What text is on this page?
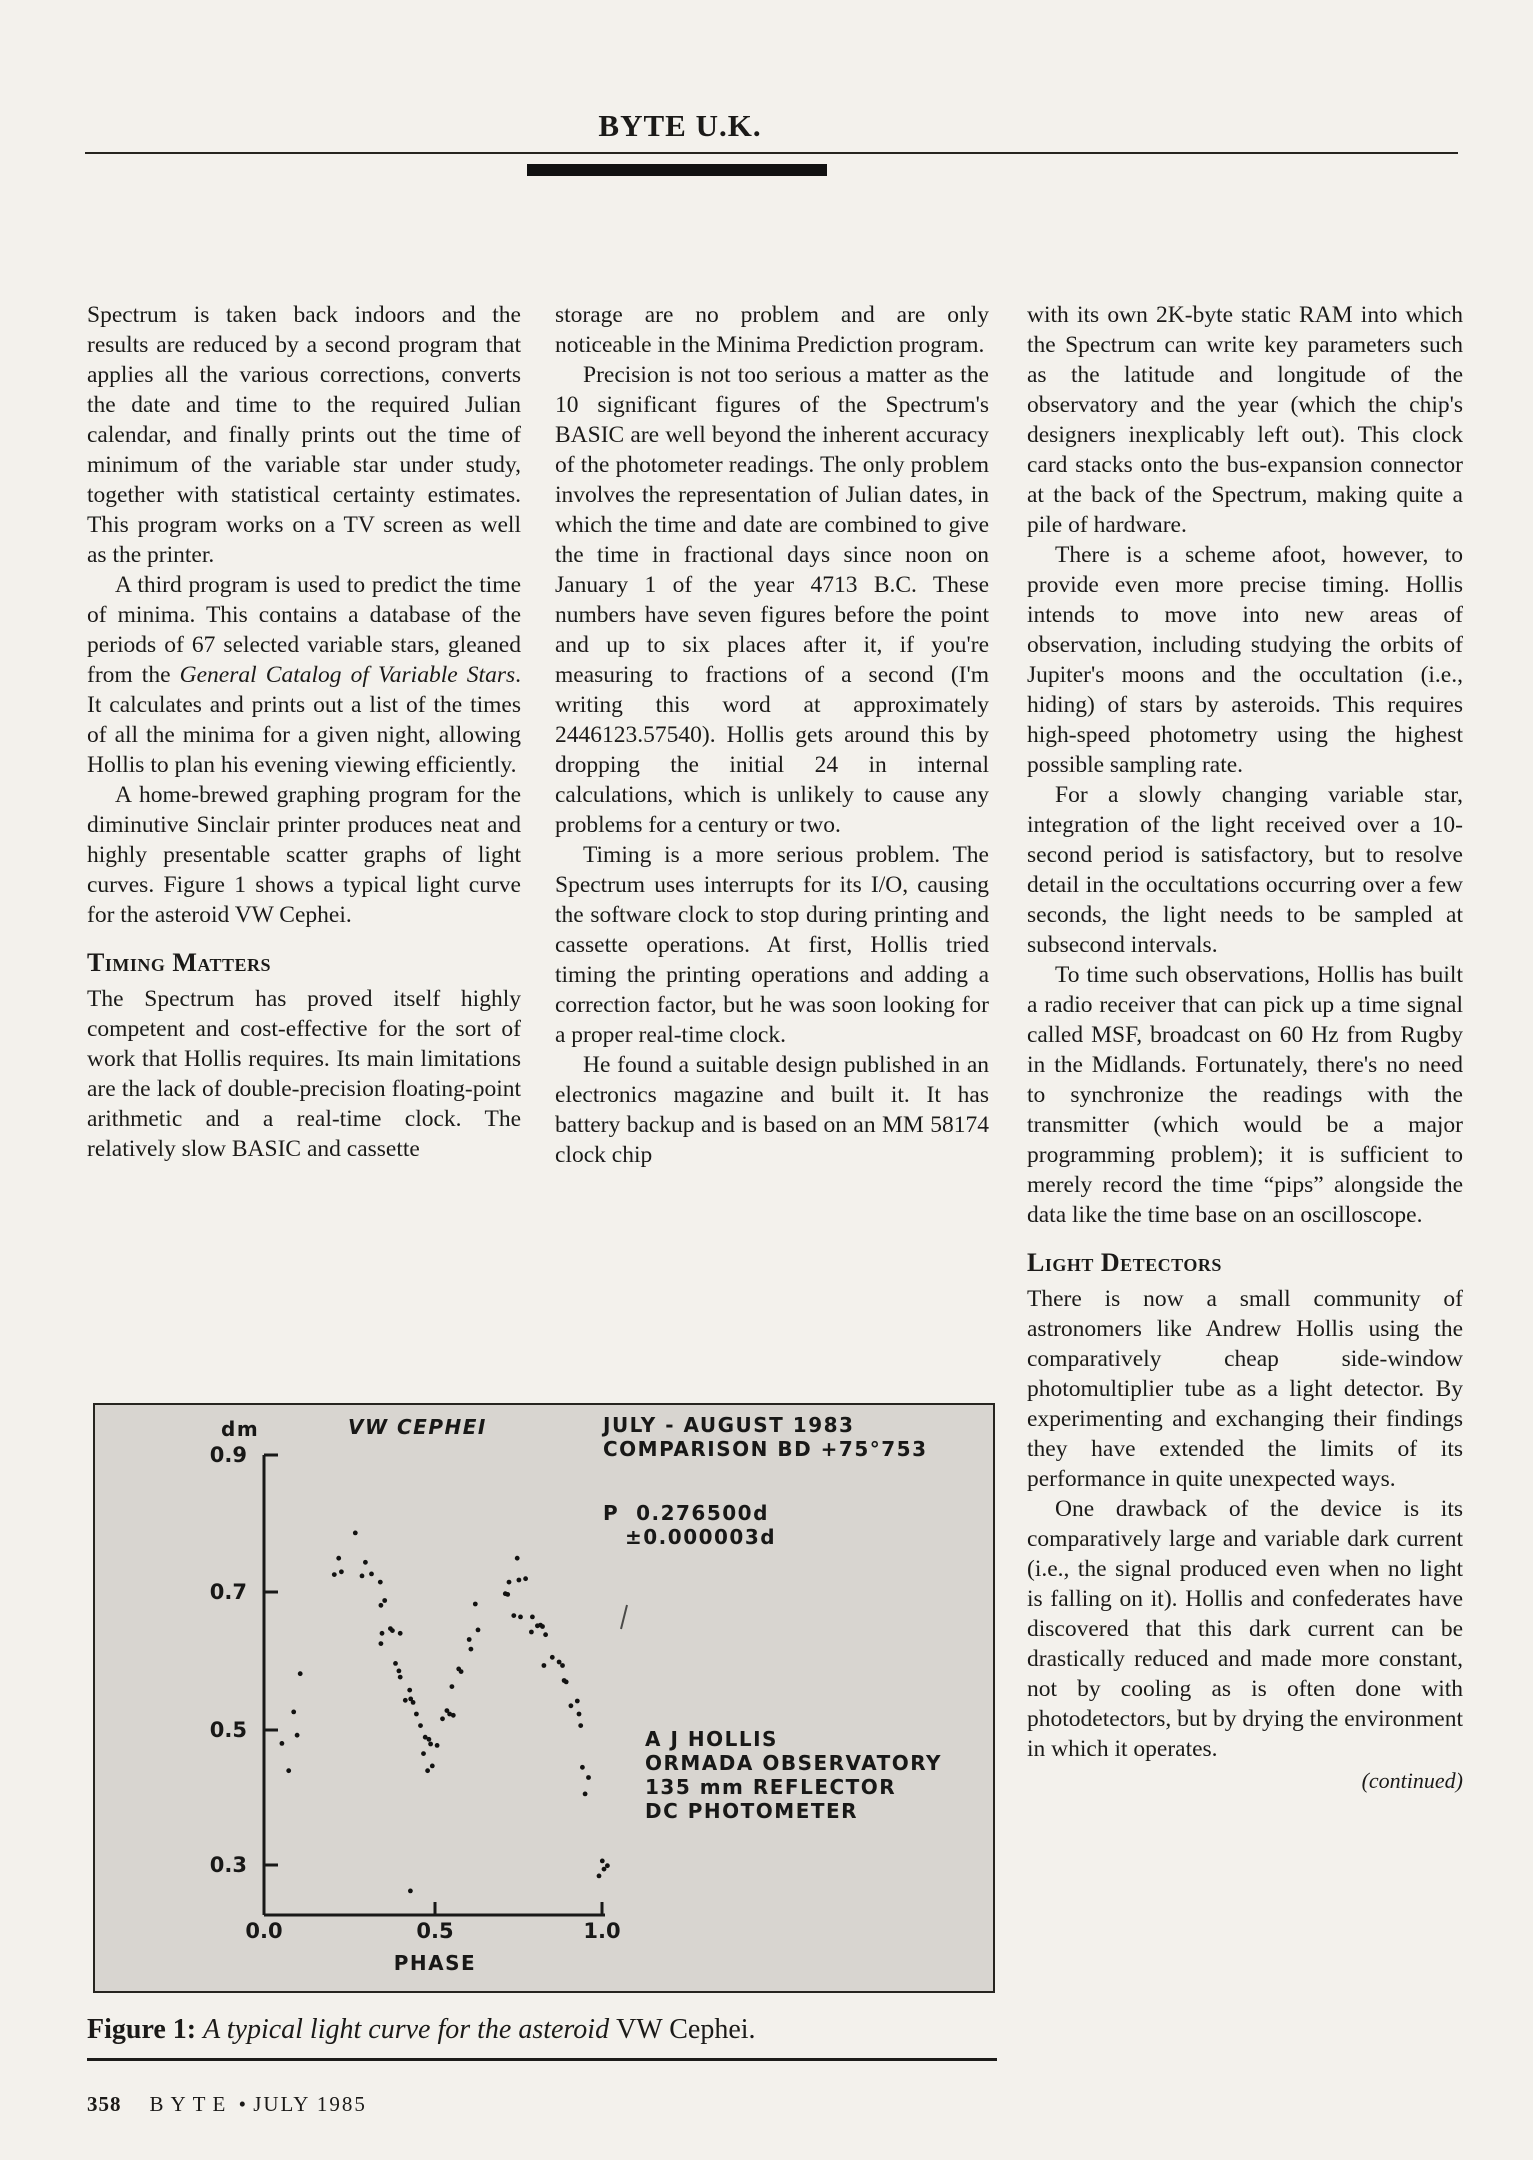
BYTE U.K.

Spectrum is taken back indoors and the results are reduced by a second program that applies all the various corrections, converts the date and time to the required Julian calendar, and finally prints out the time of minimum of the variable star under study, together with statistical certainty estimates. This program works on a TV screen as well as the printer.

A third program is used to predict the time of minima. This contains a database of the periods of 67 selected variable stars, gleaned from the General Catalog of Variable Stars. It calculates and prints out a list of the times of all the minima for a given night, allowing Hollis to plan his evening viewing efficiently.

A home-brewed graphing program for the diminutive Sinclair printer produces neat and highly presentable scatter graphs of light curves. Figure 1 shows a typical light curve for the asteroid VW Cephei.

Timing Matters

The Spectrum has proved itself highly competent and cost-effective for the sort of work that Hollis requires. Its main limitations are the lack of double-precision floating-point arithmetic and a real-time clock. The relatively slow BASIC and cassette

storage are no problem and are only noticeable in the Minima Prediction program.

Precision is not too serious a matter as the 10 significant figures of the Spectrum's BASIC are well beyond the inherent accuracy of the photometer readings. The only problem involves the representation of Julian dates, in which the time and date are combined to give the time in fractional days since noon on January 1 of the year 4713 B.C. These numbers have seven figures before the point and up to six places after it, if you're measuring to fractions of a second (I'm writing this word at approximately 2446123.57540). Hollis gets around this by dropping the initial 24 in internal calculations, which is unlikely to cause any problems for a century or two.

Timing is a more serious problem. The Spectrum uses interrupts for its I/O, causing the software clock to stop during printing and cassette operations. At first, Hollis tried timing the printing operations and adding a correction factor, but he was soon looking for a proper real-time clock.

He found a suitable design published in an electronics magazine and built it. It has battery backup and is based on an MM 58174 clock chip

with its own 2K-byte static RAM into which the Spectrum can write key parameters such as the latitude and longitude of the observatory and the year (which the chip's designers inexplicably left out). This clock card stacks onto the bus-expansion connector at the back of the Spectrum, making quite a pile of hardware.

There is a scheme afoot, however, to provide even more precise timing. Hollis intends to move into new areas of observation, including studying the orbits of Jupiter's moons and the occultation (i.e., hiding) of stars by asteroids. This requires high-speed photometry using the highest possible sampling rate.

For a slowly changing variable star, integration of the light received over a 10-second period is satisfactory, but to resolve detail in the occultations occurring over a few seconds, the light needs to be sampled at subsecond intervals.

To time such observations, Hollis has built a radio receiver that can pick up a time signal called MSF, broadcast on 60 Hz from Rugby in the Midlands. Fortunately, there's no need to synchronize the readings with the transmitter (which would be a major programming problem); it is sufficient to merely record the time “pips” alongside the data like the time base on an oscilloscope.

Light Detectors

There is now a small community of astronomers like Andrew Hollis using the comparatively cheap side-window photomultiplier tube as a light detector. By experimenting and exchanging their findings they have extended the limits of its performance in quite unexpected ways.

One drawback of the device is its comparatively large and variable dark current (i.e., the signal produced even when no light is falling on it). Hollis and confederates have discovered that this dark current can be drastically reduced and made more constant, not by cooling as is often done with photodetectors, but by drying the environment in which it operates.

(continued)

dm	VW CEPHEI	JULY - AUGUST 1983
COMPARISON BD +75°753
P  0.276500d
±0.000003d
A J HOLLIS
ORMADA OBSERVATORY
135 mm REFLECTOR
DC PHOTOMETER
0.9
0.7
0.5
0.3
0.0	0.5	1.0
PHASE
Figure 1: A typical light curve for the asteroid VW Cephei.
358 BYTE • JULY 1985
